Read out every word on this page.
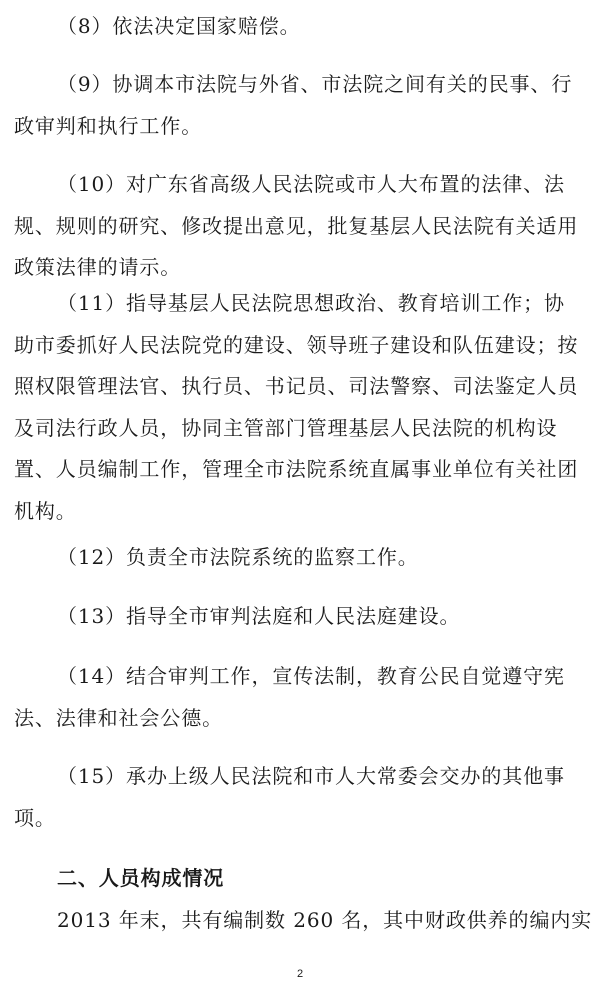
（8）依法决定国家赔偿。

（9）协调本市法院与外省、市法院之间有关的民事、行政审判和执行工作。

（10）对广东省高级人民法院或市人大布置的法律、法规、规则的研究、修改提出意见，批复基层人民法院有关适用政策法律的请示。

（11）指导基层人民法院思想政治、教育培训工作；协助市委抓好人民法院党的建设、领导班子建设和队伍建设；按照权限管理法官、执行员、书记员、司法警察、司法鉴定人员及司法行政人员，协同主管部门管理基层人民法院的机构设置、人员编制工作，管理全市法院系统直属事业单位有关社团机构。

（12）负责全市法院系统的监察工作。

（13）指导全市审判法庭和人民法庭建设。

（14）结合审判工作，宣传法制，教育公民自觉遵守宪法、法律和社会公德。

（15）承办上级人民法院和市人大常委会交办的其他事项。

二、人员构成情况

2013 年末，共有编制数 260 名，其中财政供养的编内实

2
